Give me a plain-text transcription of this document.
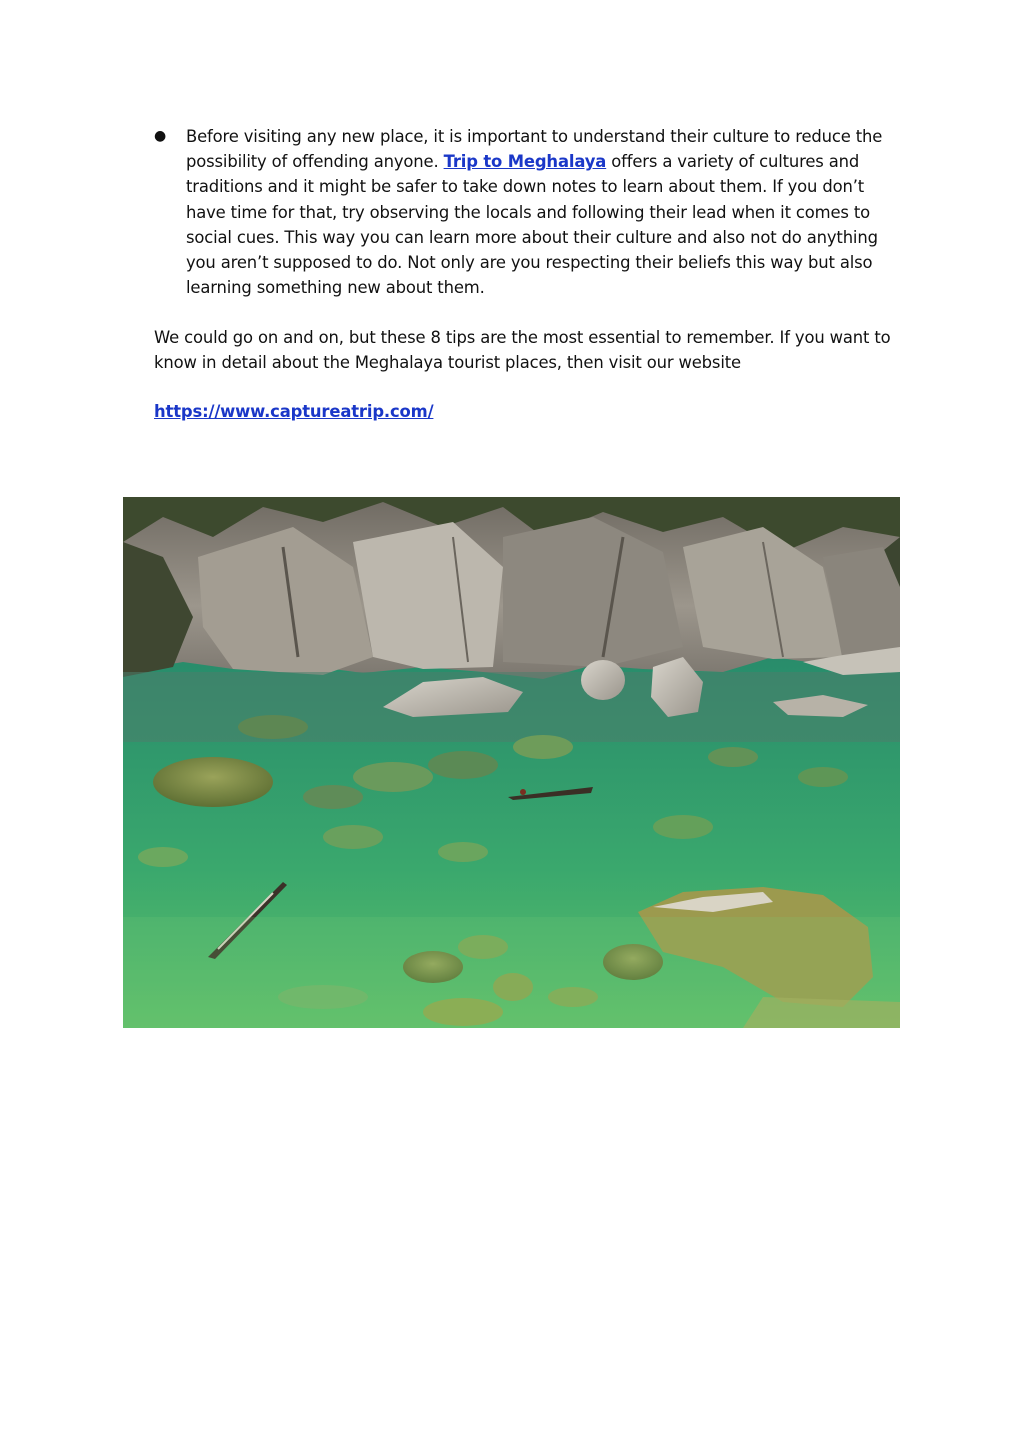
● Before visiting any new place, it is important to understand their culture to reduce the possibility of offending anyone. Trip to Meghalaya offers a variety of cultures and traditions and it might be safer to take down notes to learn about them. If you don’t have time for that, try observing the locals and following their lead when it comes to social cues. This way you can learn more about their culture and also not do anything you aren’t supposed to do. Not only are you respecting their beliefs this way but also learning something new about them.
We could go on and on, but these 8 tips are the most essential to remember. If you want to know in detail about the Meghalaya tourist places, then visit our website
https://www.captureatrip.com/
